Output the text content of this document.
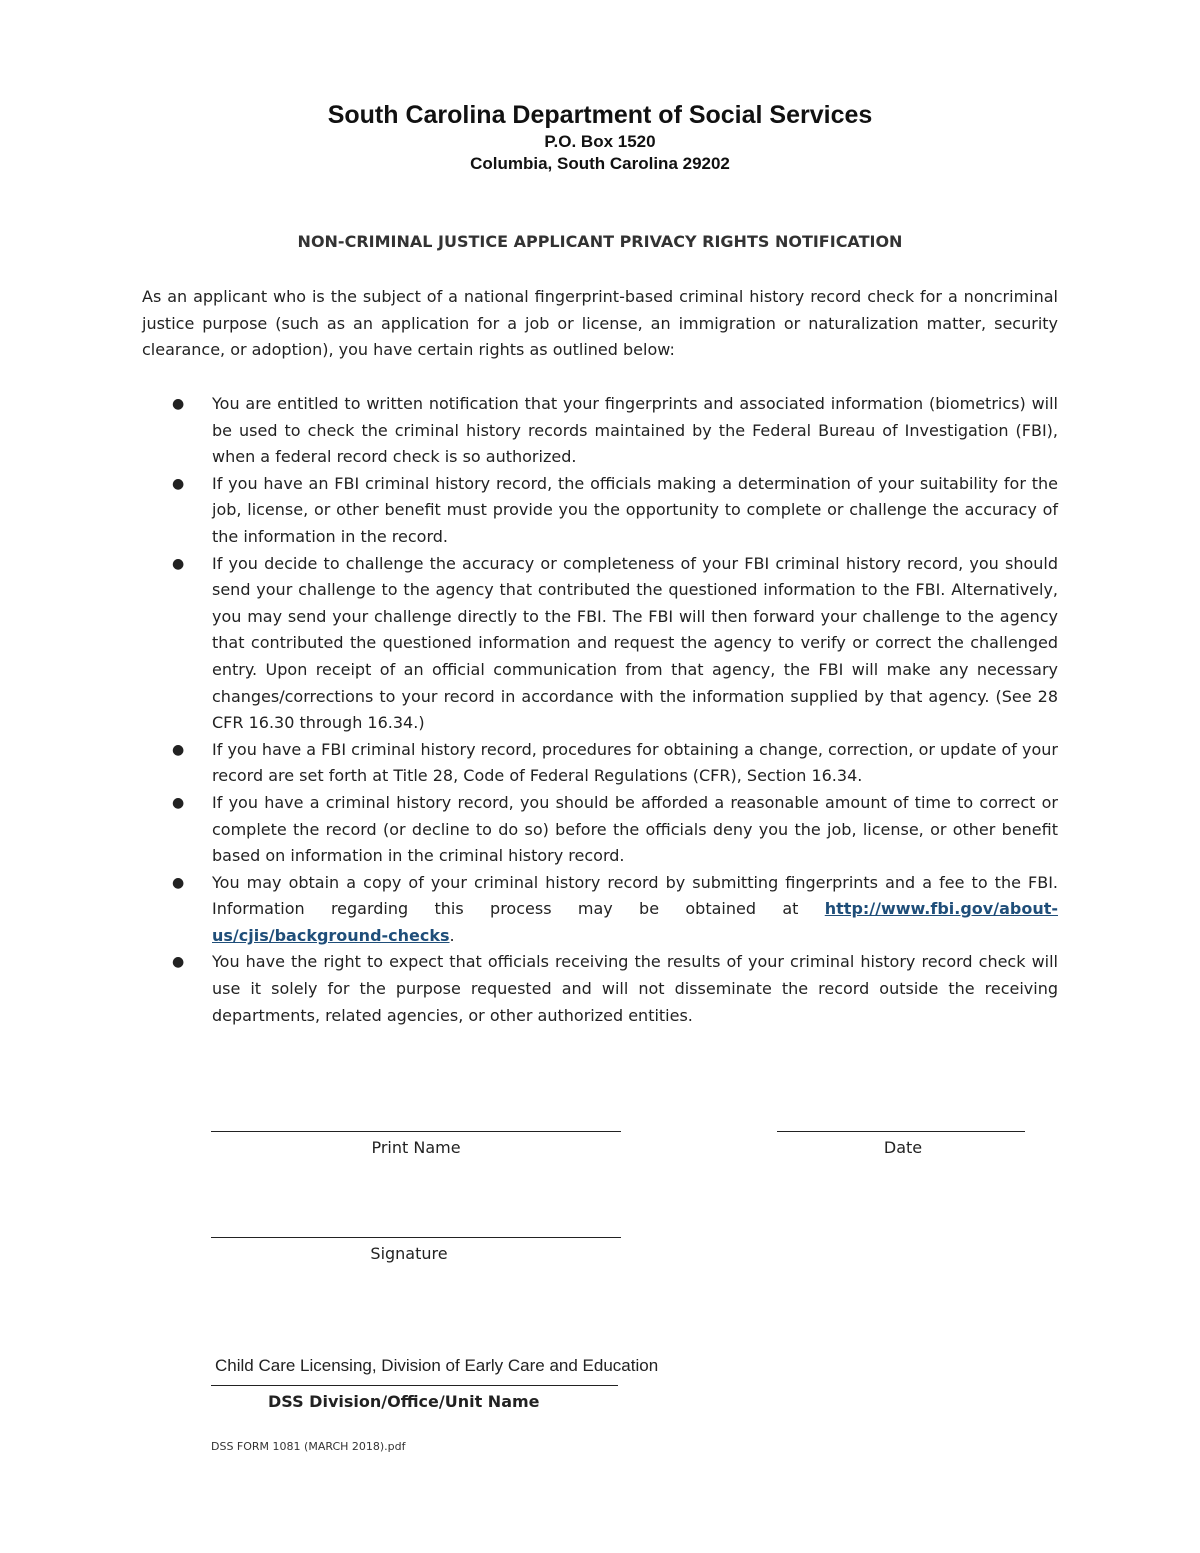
South Carolina Department of Social Services
P.O. Box 1520
Columbia, South Carolina 29202
NON-CRIMINAL JUSTICE APPLICANT PRIVACY RIGHTS NOTIFICATION

As an applicant who is the subject of a national fingerprint-based criminal history record check for a noncriminal justice purpose (such as an application for a job or license, an immigration or naturalization matter, security clearance, or adoption), you have certain rights as outlined below:

● You are entitled to written notification that your fingerprints and associated information (biometrics) will be used to check the criminal history records maintained by the Federal Bureau of Investigation (FBI), when a federal record check is so authorized.
● If you have an FBI criminal history record, the officials making a determination of your suitability for the job, license, or other benefit must provide you the opportunity to complete or challenge the accuracy of the information in the record.
● If you decide to challenge the accuracy or completeness of your FBI criminal history record, you should send your challenge to the agency that contributed the questioned information to the FBI. Alternatively, you may send your challenge directly to the FBI. The FBI will then forward your challenge to the agency that contributed the questioned information and request the agency to verify or correct the challenged entry. Upon receipt of an official communication from that agency, the FBI will make any necessary changes/corrections to your record in accordance with the information supplied by that agency. (See 28 CFR 16.30 through 16.34.)
● If you have a FBI criminal history record, procedures for obtaining a change, correction, or update of your record are set forth at Title 28, Code of Federal Regulations (CFR), Section 16.34.
● If you have a criminal history record, you should be afforded a reasonable amount of time to correct or complete the record (or decline to do so) before the officials deny you the job, license, or other benefit based on information in the criminal history record.
● You may obtain a copy of your criminal history record by submitting fingerprints and a fee to the FBI. Information regarding this process may be obtained at http://www.fbi.gov/about-us/cjis/background-checks.
● You have the right to expect that officials receiving the results of your criminal history record check will use it solely for the purpose requested and will not disseminate the record outside the receiving departments, related agencies, or other authorized entities.
Print Name	Date
Signature
Child Care Licensing, Division of Early Care and Education
DSS Division/Office/Unit Name
DSS FORM 1081 (MARCH 2018).pdf
